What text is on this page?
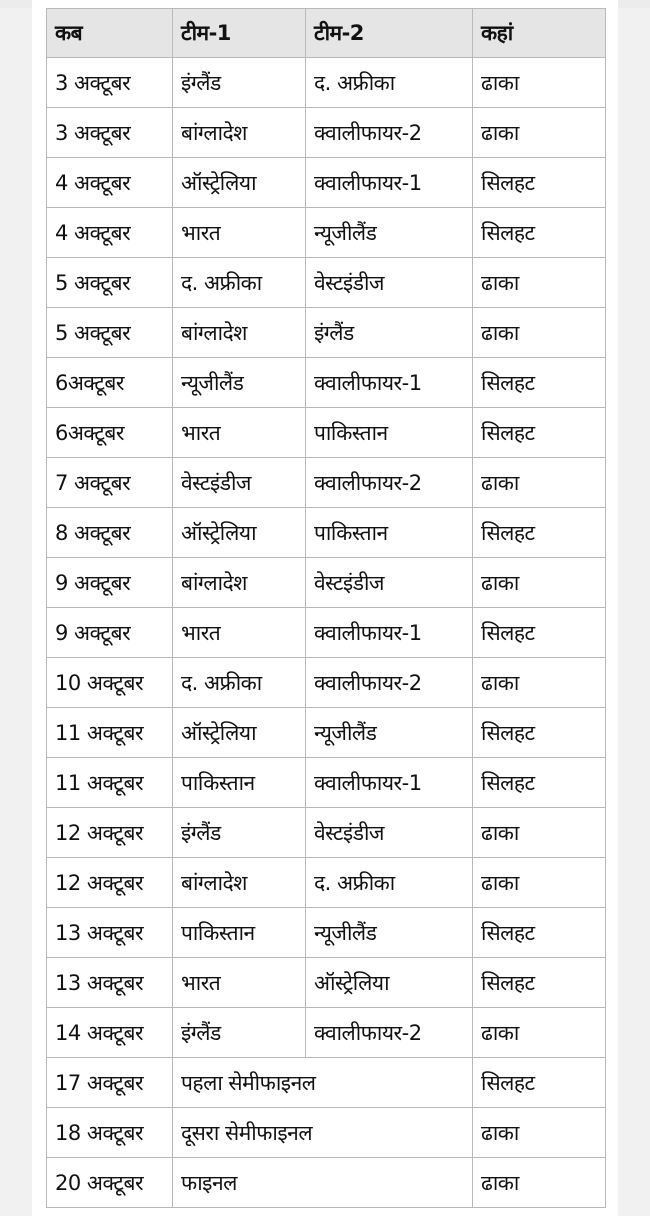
कब	टीम-1	टीम-2	कहां
3 अक्टूबर	इंग्लैंड	द. अफ्रीका	ढाका
3 अक्टूबर	बांग्लादेश	क्वालीफायर-2	ढाका
4 अक्टूबर	ऑस्ट्रेलिया	क्वालीफायर-1	सिलहट
4 अक्टूबर	भारत	न्यूजीलैंड	सिलहट
5 अक्टूबर	द. अफ्रीका	वेस्टइंडीज	ढाका
5 अक्टूबर	बांग्लादेश	इंग्लैंड	ढाका
6अक्टूबर	न्यूजीलैंड	क्वालीफायर-1	सिलहट
6अक्टूबर	भारत	पाकिस्तान	सिलहट
7 अक्टूबर	वेस्टइंडीज	क्वालीफायर-2	ढाका
8 अक्टूबर	ऑस्ट्रेलिया	पाकिस्तान	सिलहट
9 अक्टूबर	बांग्लादेश	वेस्टइंडीज	ढाका
9 अक्टूबर	भारत	क्वालीफायर-1	सिलहट
10 अक्टूबर	द. अफ्रीका	क्वालीफायर-2	ढाका
11 अक्टूबर	ऑस्ट्रेलिया	न्यूजीलैंड	सिलहट
11 अक्टूबर	पाकिस्तान	क्वालीफायर-1	सिलहट
12 अक्टूबर	इंग्लैंड	वेस्टइंडीज	ढाका
12 अक्टूबर	बांग्लादेश	द. अफ्रीका	ढाका
13 अक्टूबर	पाकिस्तान	न्यूजीलैंड	सिलहट
13 अक्टूबर	भारत	ऑस्ट्रेलिया	सिलहट
14 अक्टूबर	इंग्लैंड	क्वालीफायर-2	ढाका
17 अक्टूबर	पहला सेमीफाइनल		सिलहट
18 अक्टूबर	दूसरा सेमीफाइनल		ढाका
20 अक्टूबर	फाइनल		ढाका
